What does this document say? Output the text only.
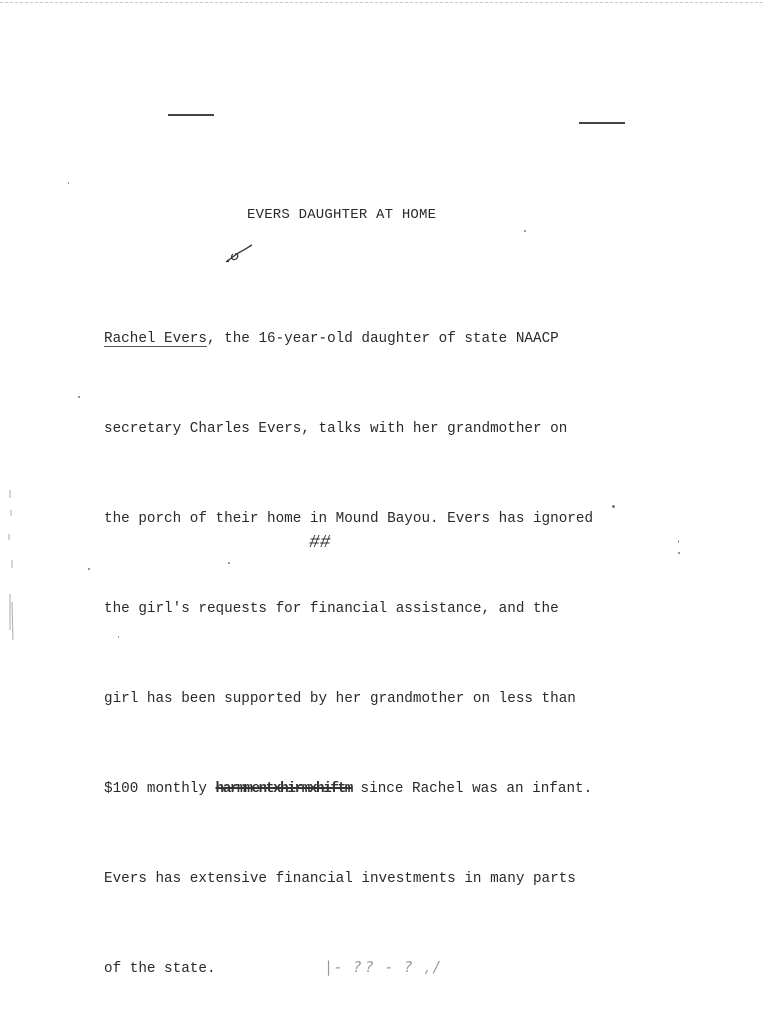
EVERS DAUGHTER AT HOME

Rachel Evers, the 16-year-old daughter of state NAACP

secretary Charles Evers, talks with her grandmother on

the porch of their home in Mound Bayou. Evers has ignored

the girl's requests for financial assistance, and the

girl has been supported by her grandmother on less than

$100 monthly harmmentxhirmxhiftm since Rachel was an infant.

Evers has extensive financial investments in many parts

of the state.

##
|- ?? - ? ,/
